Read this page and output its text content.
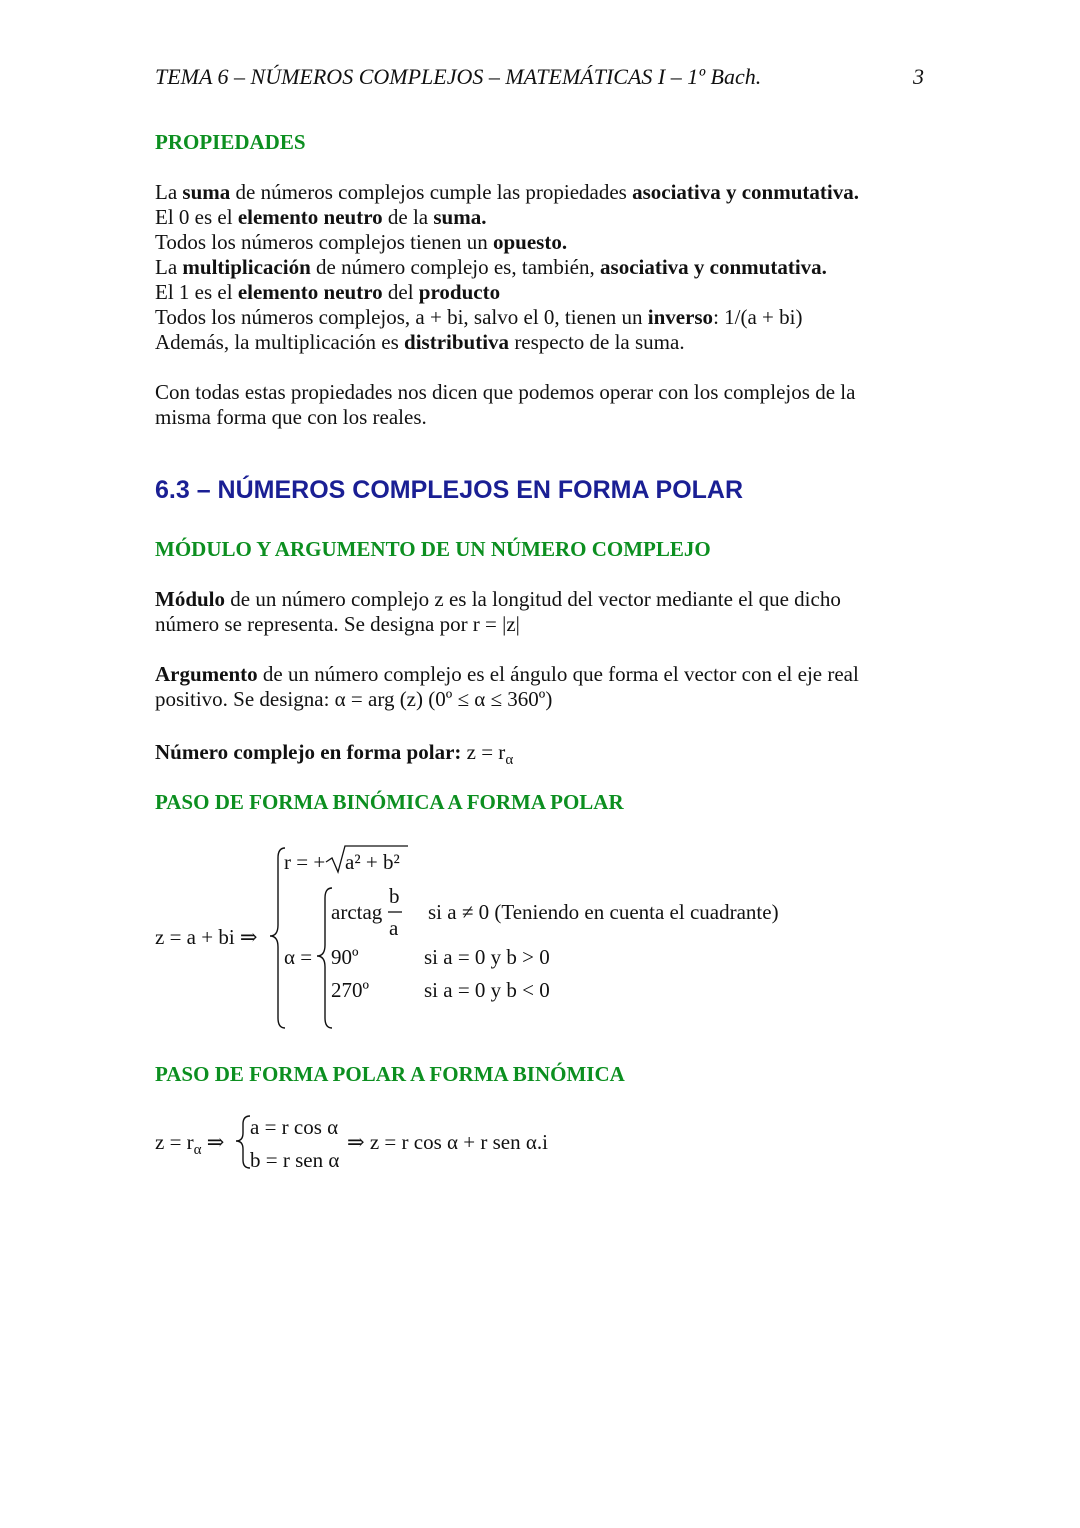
TEMA 6 – NÚMEROS COMPLEJOS – MATEMÁTICAS I – 1º Bach.	3
PROPIEDADES
La suma de números complejos cumple las propiedades asociativa y conmutativa.
El 0 es el elemento neutro de la suma.
Todos los números complejos tienen un opuesto.
La multiplicación de número complejo es, también, asociativa y conmutativa.
El 1 es el elemento neutro del producto
Todos los números complejos, a + bi, salvo el 0, tienen un inverso: 1/(a + bi)
Además, la multiplicación es distributiva respecto de la suma.
Con todas estas propiedades nos dicen que podemos operar con los complejos de la
misma forma que con los reales.
6.3 – NÚMEROS COMPLEJOS EN FORMA POLAR
MÓDULO Y ARGUMENTO DE UN NÚMERO COMPLEJO
Módulo de un número complejo z es la longitud del vector mediante el que dicho
número se representa. Se designa por r = |z|
Argumento de un número complejo es el ángulo que forma el vector con el eje real
positivo. Se designa: α = arg (z) (0º ≤ α ≤ 360º)
Número complejo en forma polar: $z = r_\alpha$
PASO DE FORMA BINÓMICA A FORMA POLAR
z = a + bi ⇒
r = + a² + b²
α =
arctag
b
a
si a ≠ 0 (Teniendo en cuenta el cuadrante)
90º	si a = 0 y b > 0
270º	si a = 0 y b < 0
PASO DE FORMA POLAR A FORMA BINÓMICA
$z = r_\alpha$ ⇒
a = r cos α
b = r sen α
⇒ z = r cos α + r sen α.i
